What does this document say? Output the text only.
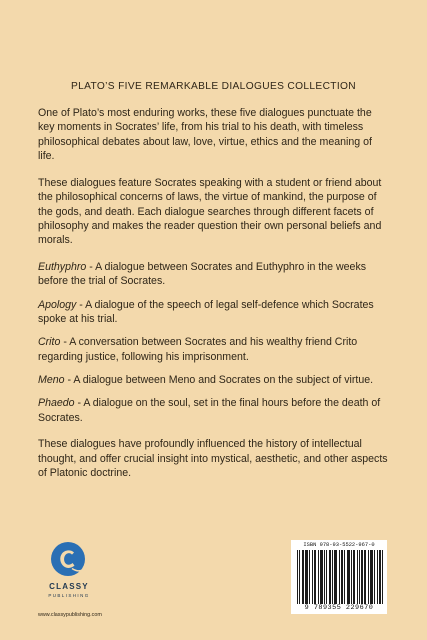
PLATO’S FIVE REMARKABLE DIALOGUES COLLECTION

One of Plato’s most enduring works, these five dialogues punctuate the key moments in Socrates’ life, from his trial to his death, with timeless philosophical debates about law, love, virtue, ethics and the meaning of life.

These dialogues feature Socrates speaking with a student or friend about the philosophical concerns of laws, the virtue of mankind, the purpose of the gods, and death. Each dialogue searches through different facets of philosophy and makes the reader question their own personal beliefs and morals.

Euthyphro - A dialogue between Socrates and Euthyphro in the weeks before the trial of Socrates.

Apology - A dialogue of the speech of legal self-defence which Socrates spoke at his trial.

Crito - A conversation between Socrates and his wealthy friend Crito regarding justice, following his imprisonment.

Meno - A dialogue between Meno and Socrates on the subject of virtue.

Phaedo - A dialogue on the soul, set in the final hours before the death of Socrates.

These dialogues have profoundly influenced the history of intellectual thought, and offer crucial insight into mystical, aesthetic, and other aspects of Platonic doctrine.

CLASSY
PUBLISHING
www.classypublishing.com
ISBN 978-93-5522-967-0
9 789355 229670
